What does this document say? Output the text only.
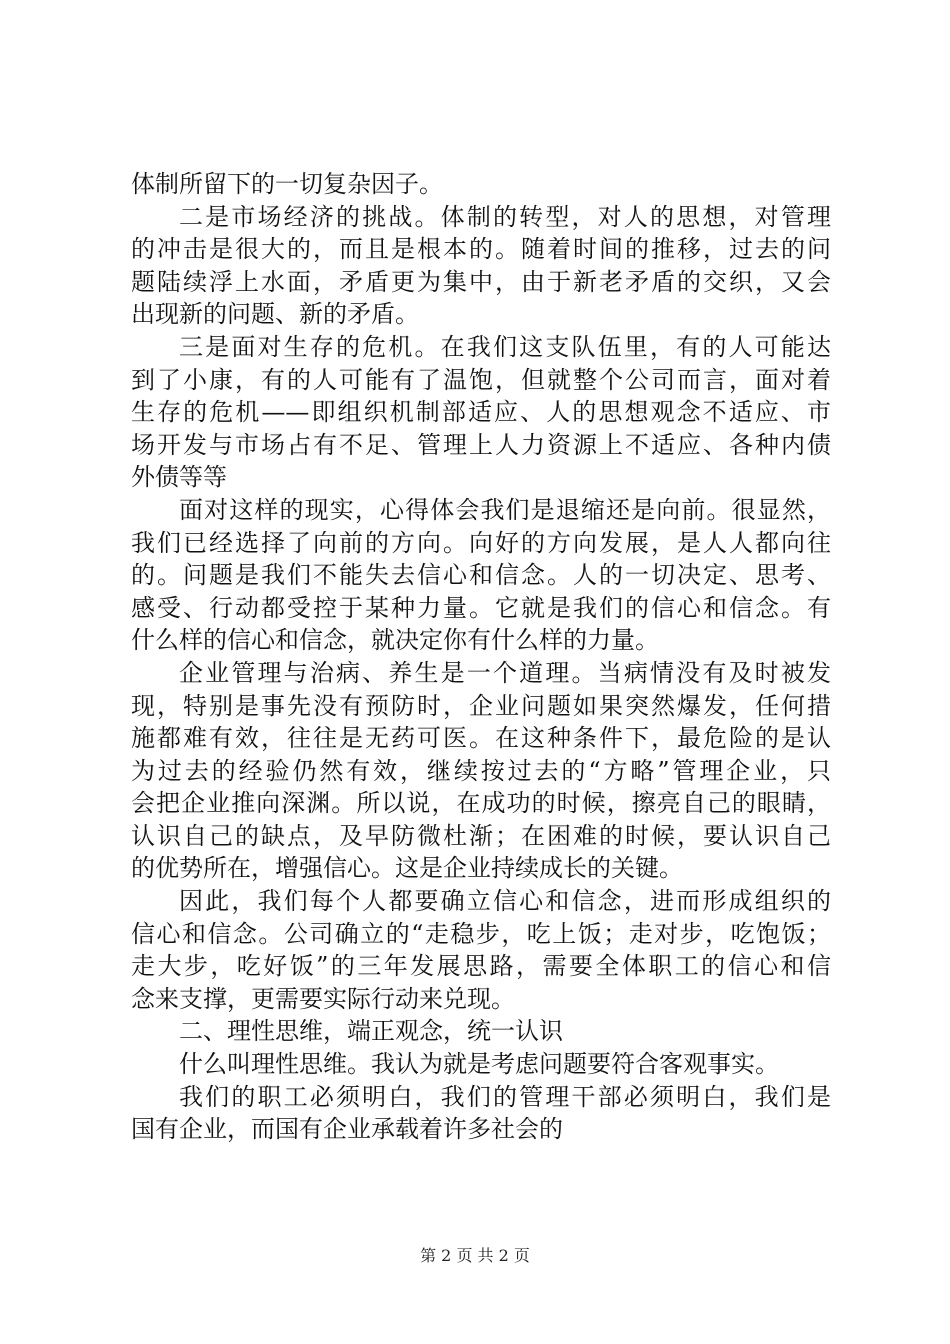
体制所留下的一切复杂因子。
二是市场经济的挑战。体制的转型，对人的思想，对管理
的冲击是很大的，而且是根本的。随着时间的推移，过去的问
题陆续浮上水面，矛盾更为集中，由于新老矛盾的交织，又会
出现新的问题、新的矛盾。
三是面对生存的危机。在我们这支队伍里，有的人可能达
到了小康，有的人可能有了温饱，但就整个公司而言，面对着
生存的危机——即组织机制部适应、人的思想观念不适应、市
场开发与市场占有不足、管理上人力资源上不适应、各种内债
外债等等
面对这样的现实，心得体会我们是退缩还是向前。很显然，
我们已经选择了向前的方向。向好的方向发展，是人人都向往
的。问题是我们不能失去信心和信念。人的一切决定、思考、
感受、行动都受控于某种力量。它就是我们的信心和信念。有
什么样的信心和信念，就决定你有什么样的力量。
企业管理与治病、养生是一个道理。当病情没有及时被发
现，特别是事先没有预防时，企业问题如果突然爆发，任何措
施都难有效，往往是无药可医。在这种条件下，最危险的是认
为过去的经验仍然有效，继续按过去的“方略”管理企业，只
会把企业推向深渊。所以说，在成功的时候，擦亮自己的眼睛，
认识自己的缺点，及早防微杜渐；在困难的时候，要认识自己
的优势所在，增强信心。这是企业持续成长的关键。
因此，我们每个人都要确立信心和信念，进而形成组织的
信心和信念。公司确立的“走稳步，吃上饭；走对步，吃饱饭；
走大步，吃好饭”的三年发展思路，需要全体职工的信心和信
念来支撑，更需要实际行动来兑现。
二、理性思维，端正观念，统一认识
什么叫理性思维。我认为就是考虑问题要符合客观事实。
我们的职工必须明白，我们的管理干部必须明白，我们是
国有企业，而国有企业承载着许多社会的
第 2 页 共 2 页
